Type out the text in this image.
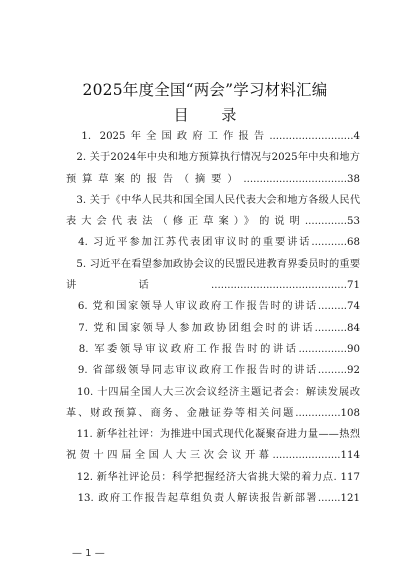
2025年度全国“两会”学习材料汇编
目 录

　1. 2025年全国政府工作报告..........................4

　2. 关于2024年中央和地方预算执行情况与2025年中央和地方预算草案的报告（摘要）................................38

　3. 关于《中华人民共和国全国人民代表大会和地方各级人民代表大会代表法（修正草案）》的说明.............53

　4. 习近平参加江苏代表团审议时的重要讲话...........68

　5. 习近平在看望参加政协会议的民盟民进教育界委员时的重要讲话..........................................71

　6. 党和国家领导人审议政府工作报告时的讲话.........74

　7. 党和国家领导人参加政协团组会时的讲话..........84

　8. 军委领导审议政府工作报告时的讲话...............90

　9. 省部级领导同志审议政府工作报告时的讲话.........92

　10. 十四届全国人大三次会议经济主题记者会：解读发展改革、财政预算、商务、金融证券等相关问题..............108

　11. 新华社社评：为推进中国式现代化凝聚奋进力量——热烈祝贺十四届全国人大三次会议开幕.....................114

　12. 新华社评论员：科学把握经济大省挑大梁的着力点. 117

　13. 政府工作报告起草组负责人解读报告新部署.......121

— 1 —
